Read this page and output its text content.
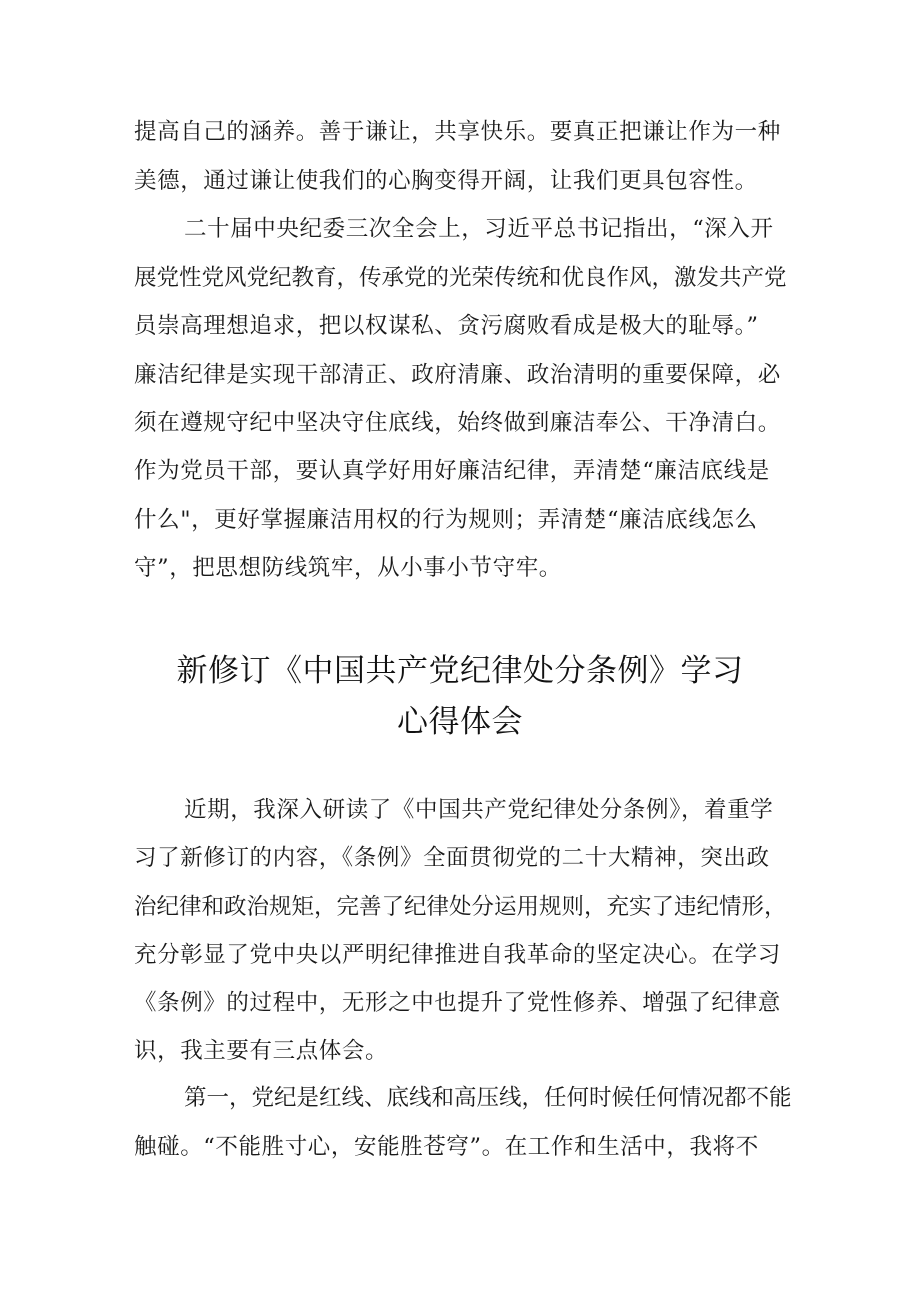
提高自己的涵养。善于谦让，共享快乐。要真正把谦让作为一种
美德，通过谦让使我们的心胸变得开阔，让我们更具包容性。
二十届中央纪委三次全会上，习近平总书记指出，“深入开
展党性党风党纪教育，传承党的光荣传统和优良作风，激发共产党
员崇高理想追求，把以权谋私、贪污腐败看成是极大的耻辱。”
廉洁纪律是实现干部清正、政府清廉、政治清明的重要保障，必
须在遵规守纪中坚决守住底线，始终做到廉洁奉公、干净清白。
作为党员干部，要认真学好用好廉洁纪律，弄清楚“廉洁底线是
什么"，更好掌握廉洁用权的行为规则；弄清楚“廉洁底线怎么
守”，把思想防线筑牢，从小事小节守牢。
新修订《中国共产党纪律处分条例》学习
心得体会
近期，我深入研读了《中国共产党纪律处分条例》，着重学
习了新修订的内容，《条例》全面贯彻党的二十大精神，突出政
治纪律和政治规矩，完善了纪律处分运用规则，充实了违纪情形，
充分彰显了党中央以严明纪律推进自我革命的坚定决心。在学习
《条例》的过程中，无形之中也提升了党性修养、增强了纪律意
识，我主要有三点体会。
第一，党纪是红线、底线和高压线，任何时候任何情况都不能
触碰。“不能胜寸心，安能胜苍穹”。在工作和生活中，我将不
